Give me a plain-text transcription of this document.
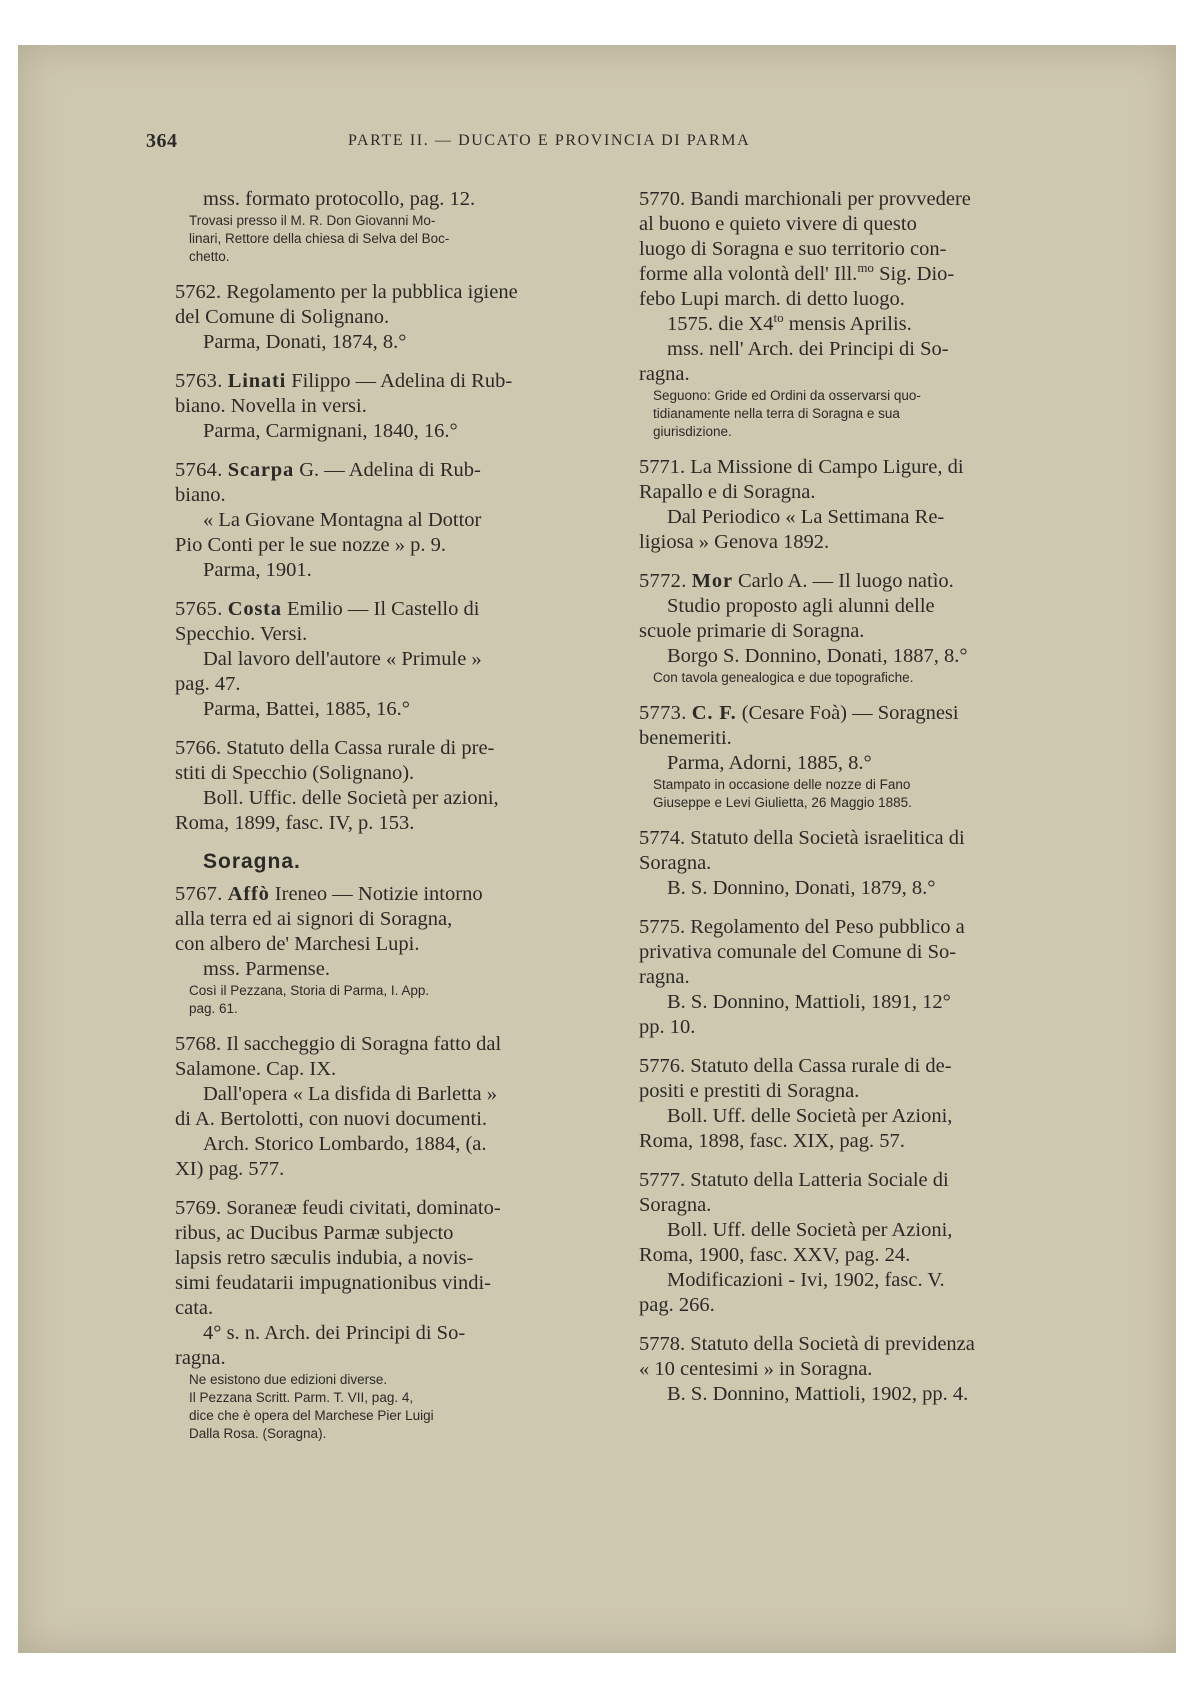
364	PARTE II. — DUCATO E PROVINCIA DI PARMA
mss. formato protocollo, pag. 12.
Trovasi presso il M. R. Don Giovanni Mo-
linari, Rettore della chiesa di Selva del Boc-
chetto.
5762. Regolamento per la pubblica igiene
del Comune di Solignano.
Parma, Donati, 1874, 8.°
5763. Linati Filippo — Adelina di Rub-
biano. Novella in versi.
Parma, Carmignani, 1840, 16.°
5764. Scarpa G. — Adelina di Rub-
biano.
« La Giovane Montagna al Dottor
Pio Conti per le sue nozze » p. 9.
Parma, 1901.
5765. Costa Emilio — Il Castello di
Specchio. Versi.
Dal lavoro dell'autore « Primule »
pag. 47.
Parma, Battei, 1885, 16.°
5766. Statuto della Cassa rurale di pre-
stiti di Specchio (Solignano).
Boll. Uffic. delle Società per azioni,
Roma, 1899, fasc. IV, p. 153.
Soragna.
5767. Affò Ireneo — Notizie intorno
alla terra ed ai signori di Soragna,
con albero de' Marchesi Lupi.
mss. Parmense.
Così il Pezzana, Storia di Parma, I. App.
pag. 61.
5768. Il saccheggio di Soragna fatto dal
Salamone. Cap. IX.
Dall'opera « La disfida di Barletta »
di A. Bertolotti, con nuovi documenti.
Arch. Storico Lombardo, 1884, (a.
XI) pag. 577.
5769. Soraneæ feudi civitati, dominato-
ribus, ac Ducibus Parmæ subjecto
lapsis retro sæculis indubia, a novis-
simi feudatarii impugnationibus vindi-
cata.
4° s. n. Arch. dei Principi di So-
ragna.
Ne esistono due edizioni diverse.
Il Pezzana Scritt. Parm. T. VII, pag. 4,
dice che è opera del Marchese Pier Luigi
Dalla Rosa. (Soragna).
5770. Bandi marchionali per provvedere
al buono e quieto vivere di questo
luogo di Soragna e suo territorio con-
forme alla volontà dell' Ill.$^{mo}$ Sig. Dio-
febo Lupi march. di detto luogo.
1575. die $X4^{to}$ mensis Aprilis.
mss. nell' Arch. dei Principi di So-
ragna.
Seguono: Gride ed Ordini da osservarsi quo-
tidianamente nella terra di Soragna e sua
giurisdizione.
5771. La Missione di Campo Ligure, di
Rapallo e di Soragna.
Dal Periodico « La Settimana Re-
ligiosa » Genova 1892.
5772. Mor Carlo A. — Il luogo natìo.
Studio proposto agli alunni delle
scuole primarie di Soragna.
Borgo S. Donnino, Donati, 1887, 8.°
Con tavola genealogica e due topografiche.
5773. C. F. (Cesare Foà) — Soragnesi
benemeriti.
Parma, Adorni, 1885, 8.°
Stampato in occasione delle nozze di Fano
Giuseppe e Levi Giulietta, 26 Maggio 1885.
5774. Statuto della Società israelitica di
Soragna.
B. S. Donnino, Donati, 1879, 8.°
5775. Regolamento del Peso pubblico a
privativa comunale del Comune di So-
ragna.
B. S. Donnino, Mattioli, 1891, 12°
pp. 10.
5776. Statuto della Cassa rurale di de-
positi e prestiti di Soragna.
Boll. Uff. delle Società per Azioni,
Roma, 1898, fasc. XIX, pag. 57.
5777. Statuto della Latteria Sociale di
Soragna.
Boll. Uff. delle Società per Azioni,
Roma, 1900, fasc. XXV, pag. 24.
Modificazioni - Ivi, 1902, fasc. V.
pag. 266.
5778. Statuto della Società di previdenza
« 10 centesimi » in Soragna.
B. S. Donnino, Mattioli, 1902, pp. 4.
